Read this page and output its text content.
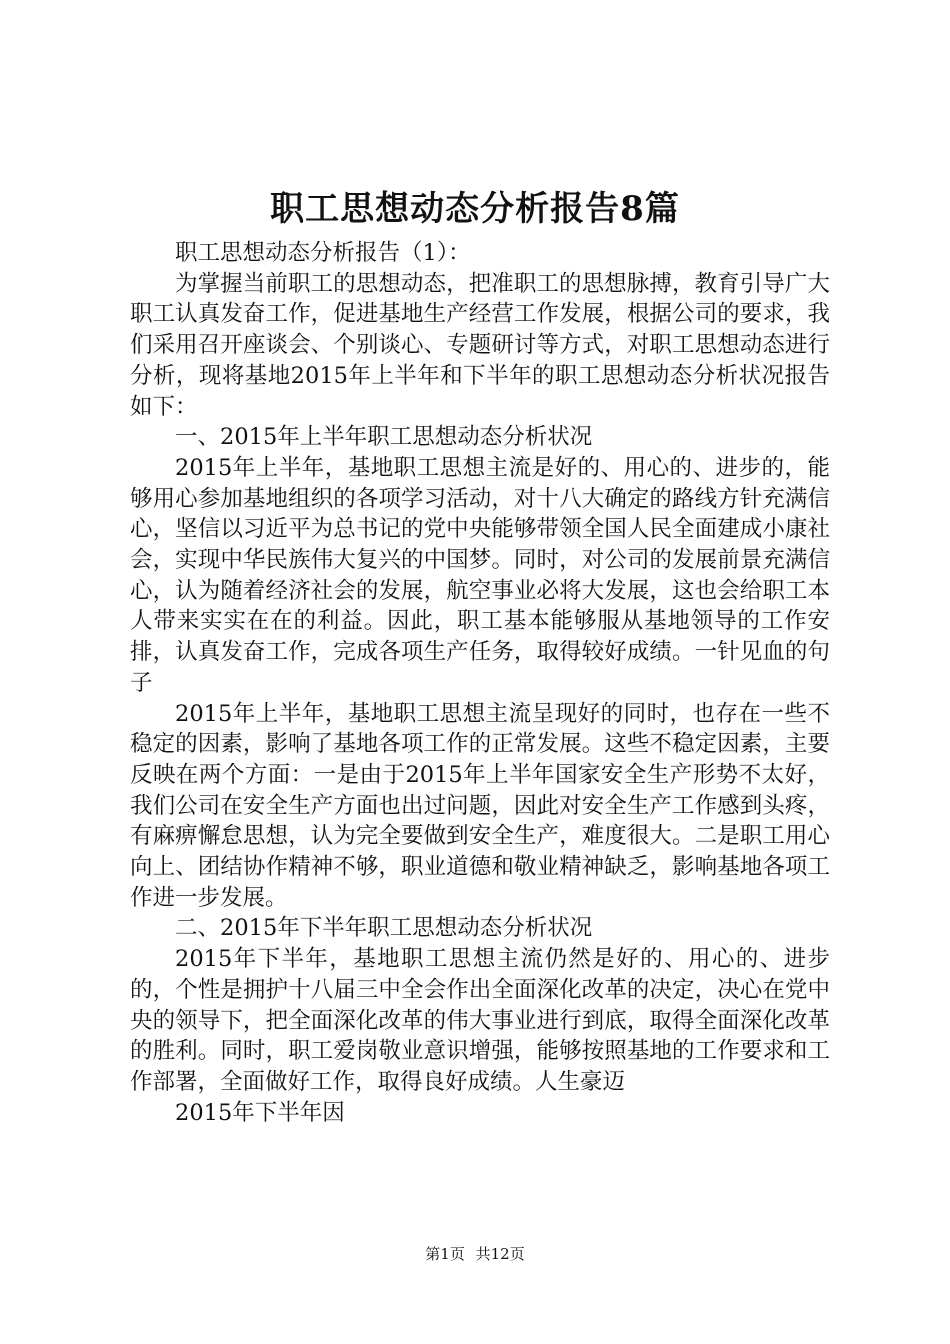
职工思想动态分析报告8篇

职工思想动态分析报告（1）：

为掌握当前职工的思想动态，把准职工的思想脉搏，教育引导广大职工认真发奋工作，促进基地生产经营工作发展，根据公司的要求，我们采用召开座谈会、个别谈心、专题研讨等方式，对职工思想动态进行分析，现将基地2015年上半年和下半年的职工思想动态分析状况报告如下：

一、2015年上半年职工思想动态分析状况

2015年上半年，基地职工思想主流是好的、用心的、进步的，能够用心参加基地组织的各项学习活动，对十八大确定的路线方针充满信心，坚信以习近平为总书记的党中央能够带领全国人民全面建成小康社会，实现中华民族伟大复兴的中国梦。同时，对公司的发展前景充满信心，认为随着经济社会的发展，航空事业必将大发展，这也会给职工本人带来实实在在的利益。因此，职工基本能够服从基地领导的工作安排，认真发奋工作，完成各项生产任务，取得较好成绩。一针见血的句子

2015年上半年，基地职工思想主流呈现好的同时，也存在一些不稳定的因素，影响了基地各项工作的正常发展。这些不稳定因素，主要反映在两个方面：一是由于2015年上半年国家安全生产形势不太好，我们公司在安全生产方面也出过问题，因此对安全生产工作感到头疼，有麻痹懈怠思想，认为完全要做到安全生产，难度很大。二是职工用心向上、团结协作精神不够，职业道德和敬业精神缺乏，影响基地各项工作进一步发展。

二、2015年下半年职工思想动态分析状况

2015年下半年，基地职工思想主流仍然是好的、用心的、进步的，个性是拥护十八届三中全会作出全面深化改革的决定，决心在党中央的领导下，把全面深化改革的伟大事业进行到底，取得全面深化改革的胜利。同时，职工爱岗敬业意识增强，能够按照基地的工作要求和工作部署，全面做好工作，取得良好成绩。人生豪迈

2015年下半年因

第1页 共12页
